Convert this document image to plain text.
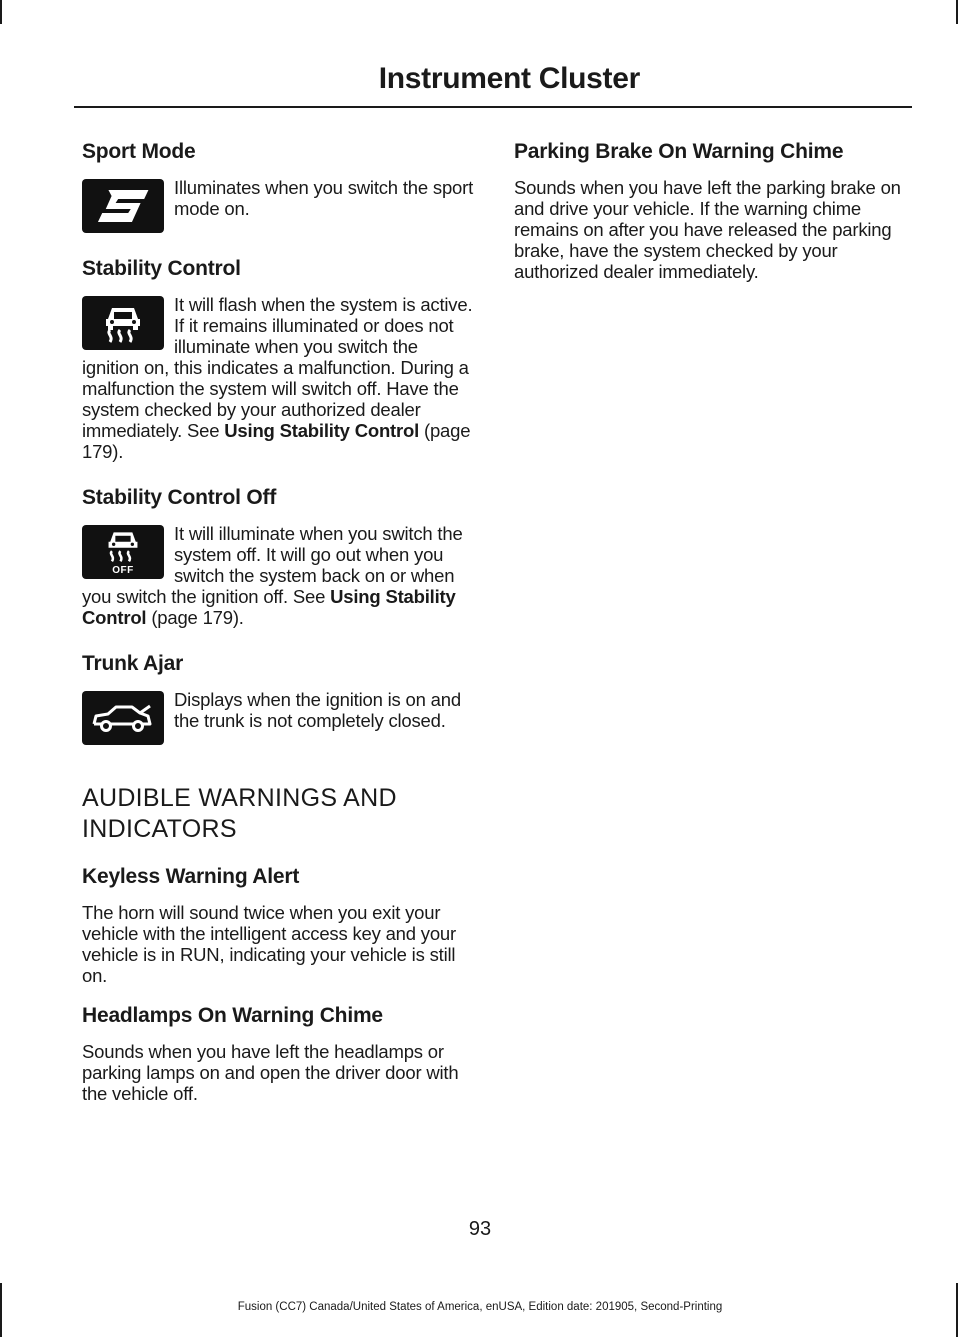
Instrument Cluster
Sport Mode

Illuminates when you switch the sport mode on.

Stability Control

It will flash when the system is active. If it remains illuminated or does not illuminate when you switch the ignition on, this indicates a malfunction. During a malfunction the system will switch off. Have the system checked by your authorized dealer immediately. See Using Stability Control (page 179).

Stability Control Off
OFF

It will illuminate when you switch the system off. It will go out when you switch the system back on or when you switch the ignition off. See Using Stability Control (page 179).

Trunk Ajar

Displays when the ignition is on and the trunk is not completely closed.

AUDIBLE WARNINGS AND
INDICATORS
Keyless Warning Alert

The horn will sound twice when you exit your vehicle with the intelligent access key and your vehicle is in RUN, indicating your vehicle is still on.

Headlamps On Warning Chime

Sounds when you have left the headlamps or parking lamps on and open the driver door with the vehicle off.

Parking Brake On Warning Chime

Sounds when you have left the parking brake on and drive your vehicle. If the warning chime remains on after you have released the parking brake, have the system checked by your authorized dealer immediately.

93
Fusion (CC7) Canada/United States of America, enUSA, Edition date: 201905, Second-Printing
